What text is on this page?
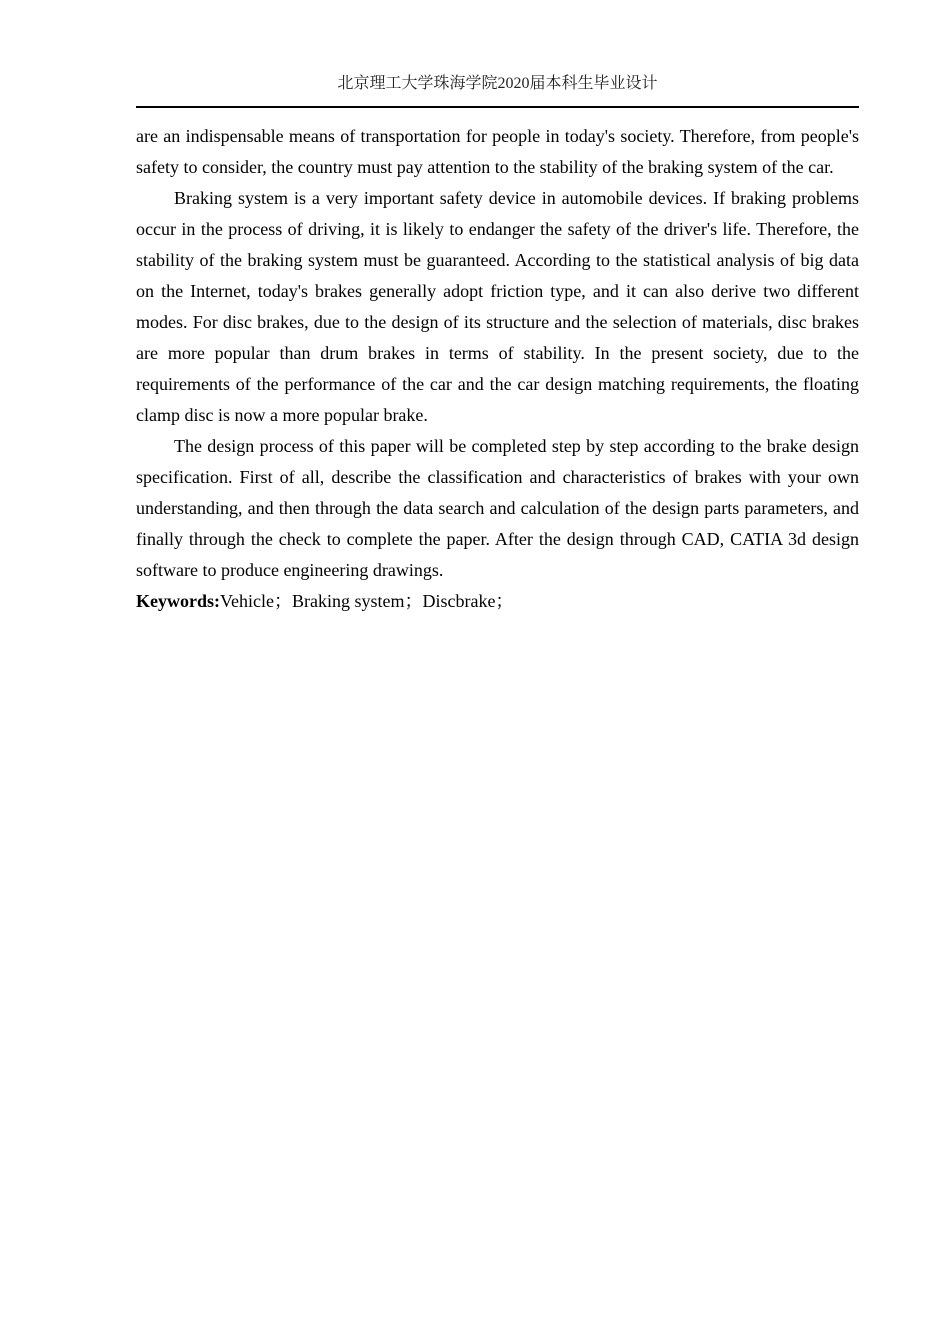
北京理工大学珠海学院2020届本科生毕业设计

are an indispensable means of transportation for people in today's society. Therefore, from people's safety to consider, the country must pay attention to the stability of the braking system of the car.

Braking system is a very important safety device in automobile devices. If braking problems occur in the process of driving, it is likely to endanger the safety of the driver's life. Therefore, the stability of the braking system must be guaranteed. According to the statistical analysis of big data on the Internet, today's brakes generally adopt friction type, and it can also derive two different modes. For disc brakes, due to the design of its structure and the selection of materials, disc brakes are more popular than drum brakes in terms of stability. In the present society, due to the requirements of the performance of the car and the car design matching requirements, the floating clamp disc is now a more popular brake.

The design process of this paper will be completed step by step according to the brake design specification. First of all, describe the classification and characteristics of brakes with your own understanding, and then through the data search and calculation of the design parts parameters, and finally through the check to complete the paper. After the design through CAD, CATIA 3d design software to produce engineering drawings.

Keywords:Vehicle；Braking system；Discbrake；
